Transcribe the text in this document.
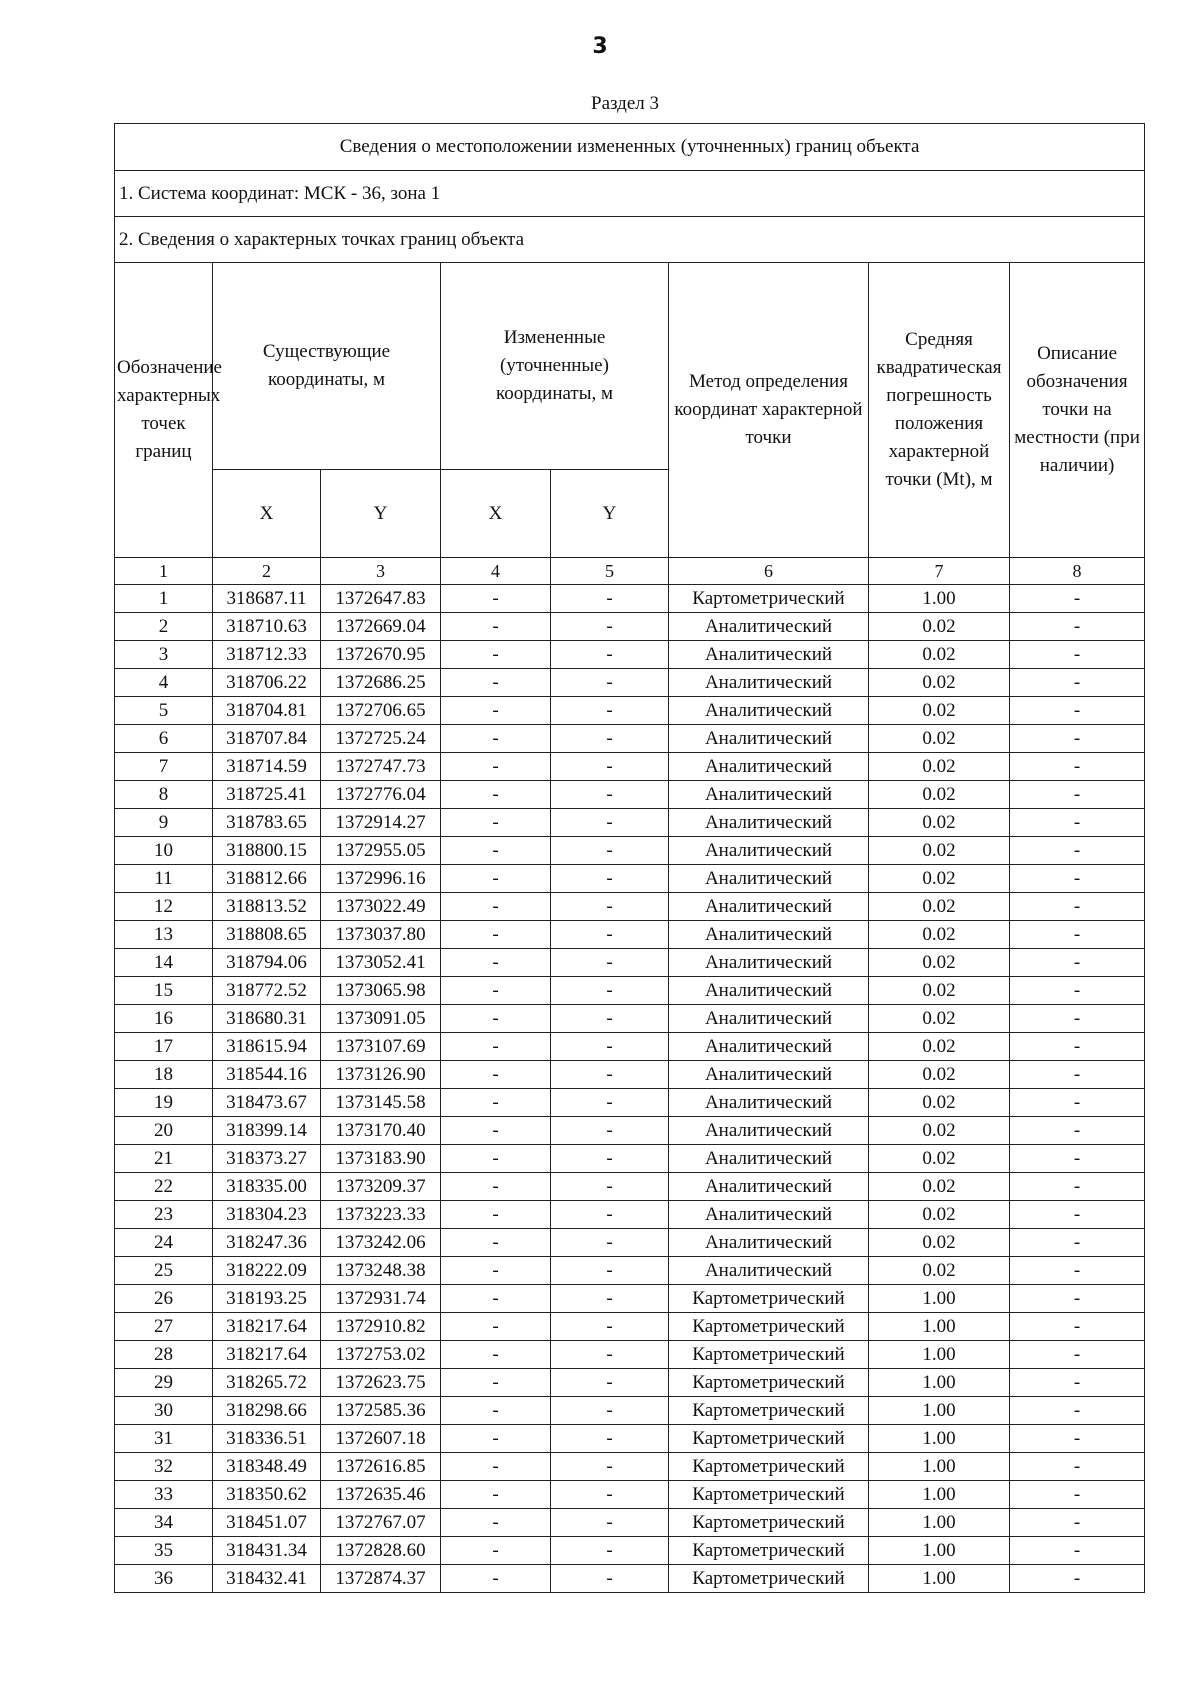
3
Раздел 3
Сведения о местоположении измененных (уточненных) границ объекта							
1. Система координат: МСК - 36, зона 1							
2. Сведения о характерных точках границ объекта							
Обозначение характерных точек границ	Существующие координаты, м		Измененные (уточненные) координаты, м		Метод определения координат характерной точки	Средняя квадратическая погрешность положения характерной точки (Mt), м	Описание обозначения точки на местности (при наличии)
	X	Y	X	Y			
1	2	3	4	5	6	7	8
1	318687.11	1372647.83	-	-	Картометрический	1.00	-
2	318710.63	1372669.04	-	-	Аналитический	0.02	-
3	318712.33	1372670.95	-	-	Аналитический	0.02	-
4	318706.22	1372686.25	-	-	Аналитический	0.02	-
5	318704.81	1372706.65	-	-	Аналитический	0.02	-
6	318707.84	1372725.24	-	-	Аналитический	0.02	-
7	318714.59	1372747.73	-	-	Аналитический	0.02	-
8	318725.41	1372776.04	-	-	Аналитический	0.02	-
9	318783.65	1372914.27	-	-	Аналитический	0.02	-
10	318800.15	1372955.05	-	-	Аналитический	0.02	-
11	318812.66	1372996.16	-	-	Аналитический	0.02	-
12	318813.52	1373022.49	-	-	Аналитический	0.02	-
13	318808.65	1373037.80	-	-	Аналитический	0.02	-
14	318794.06	1373052.41	-	-	Аналитический	0.02	-
15	318772.52	1373065.98	-	-	Аналитический	0.02	-
16	318680.31	1373091.05	-	-	Аналитический	0.02	-
17	318615.94	1373107.69	-	-	Аналитический	0.02	-
18	318544.16	1373126.90	-	-	Аналитический	0.02	-
19	318473.67	1373145.58	-	-	Аналитический	0.02	-
20	318399.14	1373170.40	-	-	Аналитический	0.02	-
21	318373.27	1373183.90	-	-	Аналитический	0.02	-
22	318335.00	1373209.37	-	-	Аналитический	0.02	-
23	318304.23	1373223.33	-	-	Аналитический	0.02	-
24	318247.36	1373242.06	-	-	Аналитический	0.02	-
25	318222.09	1373248.38	-	-	Аналитический	0.02	-
26	318193.25	1372931.74	-	-	Картометрический	1.00	-
27	318217.64	1372910.82	-	-	Картометрический	1.00	-
28	318217.64	1372753.02	-	-	Картометрический	1.00	-
29	318265.72	1372623.75	-	-	Картометрический	1.00	-
30	318298.66	1372585.36	-	-	Картометрический	1.00	-
31	318336.51	1372607.18	-	-	Картометрический	1.00	-
32	318348.49	1372616.85	-	-	Картометрический	1.00	-
33	318350.62	1372635.46	-	-	Картометрический	1.00	-
34	318451.07	1372767.07	-	-	Картометрический	1.00	-
35	318431.34	1372828.60	-	-	Картометрический	1.00	-
36	318432.41	1372874.37	-	-	Картометрический	1.00	-
